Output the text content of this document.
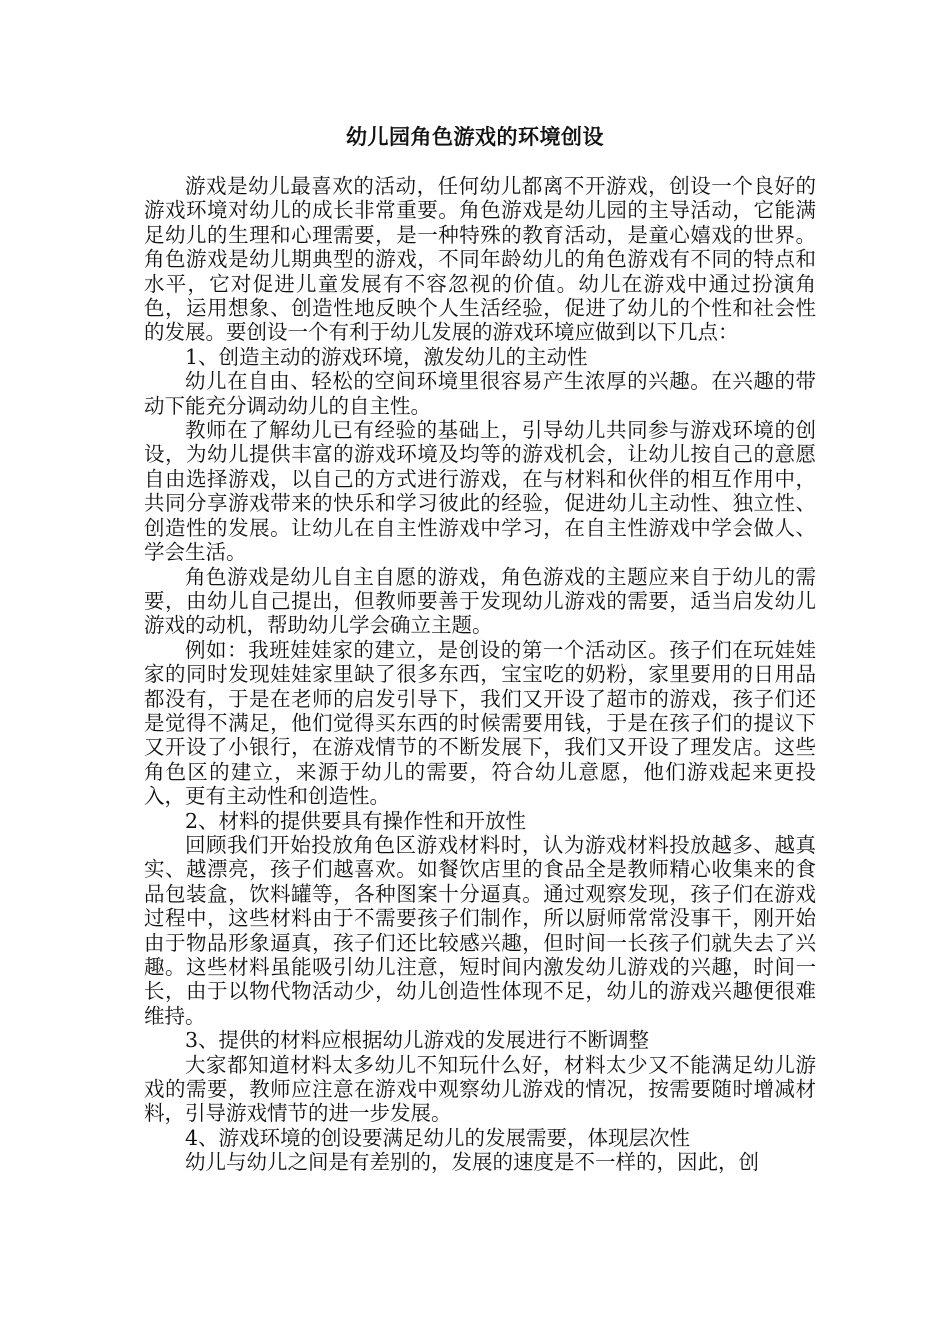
幼儿园角色游戏的环境创设

游戏是幼儿最喜欢的活动，任何幼儿都离不开游戏，创设一个良好的游戏环境对幼儿的成长非常重要。角色游戏是幼儿园的主导活动，它能满足幼儿的生理和心理需要，是一种特殊的教育活动，是童心嬉戏的世界。角色游戏是幼儿期典型的游戏，不同年龄幼儿的角色游戏有不同的特点和水平，它对促进儿童发展有不容忽视的价值。幼儿在游戏中通过扮演角色，运用想象、创造性地反映个人生活经验，促进了幼儿的个性和社会性的发展。要创设一个有利于幼儿发展的游戏环境应做到以下几点：

1、创造主动的游戏环境，激发幼儿的主动性

幼儿在自由、轻松的空间环境里很容易产生浓厚的兴趣。在兴趣的带动下能充分调动幼儿的自主性。

教师在了解幼儿已有经验的基础上，引导幼儿共同参与游戏环境的创设，为幼儿提供丰富的游戏环境及均等的游戏机会，让幼儿按自己的意愿自由选择游戏，以自己的方式进行游戏，在与材料和伙伴的相互作用中，共同分享游戏带来的快乐和学习彼此的经验，促进幼儿主动性、独立性、创造性的发展。让幼儿在自主性游戏中学习，在自主性游戏中学会做人、学会生活。

角色游戏是幼儿自主自愿的游戏，角色游戏的主题应来自于幼儿的需要，由幼儿自己提出，但教师要善于发现幼儿游戏的需要，适当启发幼儿游戏的动机，帮助幼儿学会确立主题。

例如：我班娃娃家的建立，是创设的第一个活动区。孩子们在玩娃娃家的同时发现娃娃家里缺了很多东西，宝宝吃的奶粉，家里要用的日用品都没有，于是在老师的启发引导下，我们又开设了超市的游戏，孩子们还是觉得不满足，他们觉得买东西的时候需要用钱，于是在孩子们的提议下又开设了小银行，在游戏情节的不断发展下，我们又开设了理发店。这些角色区的建立，来源于幼儿的需要，符合幼儿意愿，他们游戏起来更投入，更有主动性和创造性。

2、材料的提供要具有操作性和开放性

回顾我们开始投放角色区游戏材料时，认为游戏材料投放越多、越真实、越漂亮，孩子们越喜欢。如餐饮店里的食品全是教师精心收集来的食品包装盒，饮料罐等，各种图案十分逼真。通过观察发现，孩子们在游戏过程中，这些材料由于不需要孩子们制作，所以厨师常常没事干，刚开始由于物品形象逼真，孩子们还比较感兴趣，但时间一长孩子们就失去了兴趣。这些材料虽能吸引幼儿注意，短时间内激发幼儿游戏的兴趣，时间一长，由于以物代物活动少，幼儿创造性体现不足，幼儿的游戏兴趣便很难维持。

3、提供的材料应根据幼儿游戏的发展进行不断调整

大家都知道材料太多幼儿不知玩什么好，材料太少又不能满足幼儿游戏的需要，教师应注意在游戏中观察幼儿游戏的情况，按需要随时增减材料，引导游戏情节的进一步发展。

4、游戏环境的创设要满足幼儿的发展需要，体现层次性

幼儿与幼儿之间是有差别的，发展的速度是不一样的，因此，创
